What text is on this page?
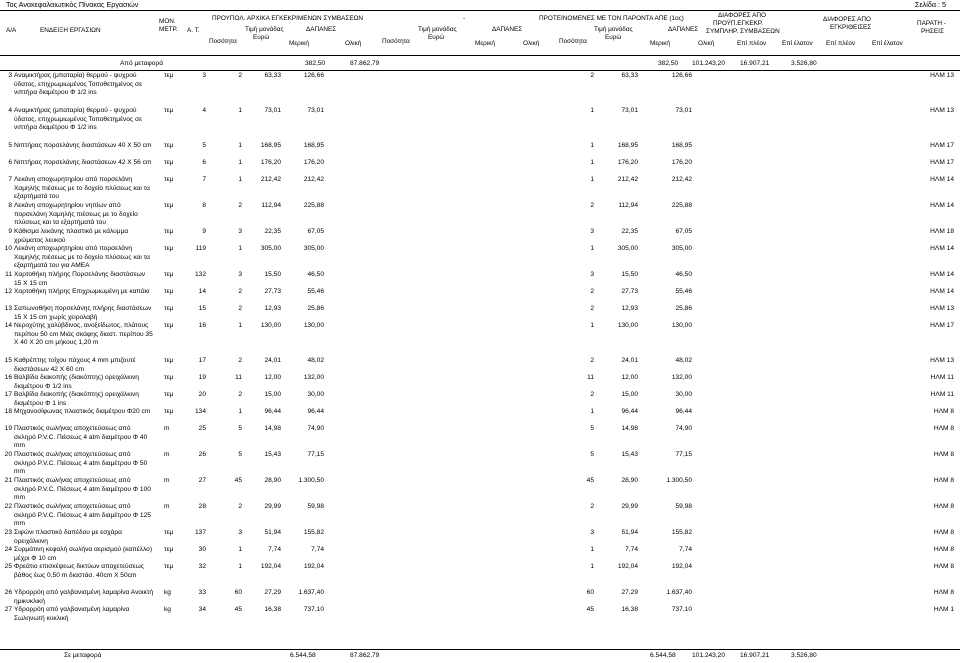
Τος Ανακεφαλαιωτικός Πίνακας Εργασιών	Σελίδα : 5
Α/Α	ΕΝΔΕΙΞΗ ΕΡΓΑΣΙΩΝ
ΜΟΝ.
ΜΕΤΡ. Α. Τ.
ΠΡΟΥΠΟΛ. ΑΡΧΙΚΑ ΕΓΚΕΚΡΙΜΕΝΩΝ ΣΥΜΒΑΣΕΩΝ	-	ΠΡΟΤΕΙΝΟΜΕΝΕΣ ΜΕ ΤΟΝ ΠΑΡΟΝΤΑ ΑΠΕ (1ος)	ΔΙΑΦΟΡΕΣ ΑΠΟ
ΠΡΟΫΠ.ΕΓΚΕΚΡ.
ΣΥΜΠΛΗΡ. ΣΥΜΒΑΣΕΩΝ
ΔΙΑΦΟΡΕΣ ΑΠΟ
ΕΓΚΡΙΘΕΙΣΕΣ
ΠΑΡΑΤΗ -
ΡΗΣΕΙΣ
Τιμή μονάδας
Ευρώ
Ποσότητα
ΔΑΠΑΝΕΣ
Μερική	Ολική	Ποσότητα
Τιμή μονάδας
Ευρώ
ΔΑΠΑΝΕΣ
Μερική	Ολική	Ποσότητα
Τιμή μονάδας
Ευρώ
ΔΑΠΑΝΕΣ
Μερική	Ολική	Επί πλέον Επί έλατον Επί πλέον	Επί έλατον
Από μεταφορά	382,50	87.862,79	382,50 101.243,20 16.907,21	3.526,80
3 Αναμικτήρας (μπαταρία) θερμού - ψυχρού ύδατος, επιχρωμιωμένος Τοποθετημένος σε νιπτήρα διαμέτρου Φ 1/2 ins
τεμ	3	2	63,33	126,66	2	63,33	126,66	ΗΛΜ 13
4 Αναμικτήρας (μπαταρία) θερμού - ψυχρού ύδατος, επιχρωμιωμένος Τοποθετημένος σε νιπτήρα διαμέτρου Φ 1/2 ins
τεμ	4	1	73,01	73,01	1	73,01	73,01	ΗΛΜ 13
5 Νιπτήρας πορσελάνης διαστάσεων 40 Χ 50 cm	τεμ	5	1	168,95	168,95	1	168,95	168,95	ΗΛΜ 17
6 Νιπτήρας πορσελάνης διαστάσεων 42 Χ 56 cm	τεμ	6	1	176,20	176,20	1	176,20	176,20	ΗΛΜ 17
7 Λεκάνη αποχωρητηρίου από πορσελάνη Χαμηλής πιέσεως με το δοχείο πλύσεως και τα εξαρτήματά του
τεμ	7	1	212,42	212,42	1	212,42	212,42	ΗΛΜ 14
8 Λεκάνη αποχωρητηρίου νηπίων από πορσελάνη Χαμηλής πιέσεως με το δοχείο πλύσεως και τα εξαρτήματά του
τεμ	8	2	112,94	225,88	2	112,94	225,88	ΗΛΜ 14
9 Κάθισμα λεκάνης πλαστικό με κάλυμμα χρώματος λευκού
τεμ	9	3	22,35	67,05	3	22,35	67,05	ΗΛΜ 18
10 Λεκάνη αποχωρητηρίου από πορσελάνη Χαμηλής πιέσεως με το δοχείο πλύσεως και τα εξαρτήματά του για ΑΜΕΑ
τεμ	119	1	305,00	305,00	1	305,00	305,00	ΗΛΜ 14
11 Χαρτοθήκη πλήρης Πορσελάνης διαστάσεων 15 Χ 15 cm
τεμ	132	3	15,50	46,50	3	15,50	46,50	ΗΛΜ 14
12 Χαρτοθήκη πλήρης Επιχρωμιωμένη με καπάκι	τεμ	14	2	27,73	55,46	2	27,73	55,46	ΗΛΜ 14
13 Σαπωνοθήκη πορσελάνης πλήρης διαστάσεων 15 Χ 15 cm χωρίς χειρολαβή
τεμ	15	2	12,93	25,86	2	12,93	25,86	ΗΛΜ 13
14 Νεροχύτης χαλύβδινος, ανοξείδωτος, πλάτους περίπου 50 cm Μιάς σκάφης διαστ. περίπου 35 Χ 40 Χ 20 cm μήκους 1,20 m
τεμ	16	1	130,00	130,00	1	130,00	130,00	ΗΛΜ 17
15 Καθρέπτης τοίχου πάχους 4 mm μπιζουτέ διαστάσεων 42 Χ 60 cm
τεμ	17	2	24,01	48,02	2	24,01	48,02	ΗΛΜ 13
16 Βαλβίδα διακοπής (διακόπτης) ορειχάλκινη διαμέτρου Φ 1/2 ins
τεμ	19	11	12,00	132,00	11	12,00	132,00	ΗΛΜ 11
17 Βαλβίδα διακοπής (διακόπτης) ορειχάλκινη διαμέτρου Φ 1 ins
τεμ	20	2	15,00	30,00	2	15,00	30,00	ΗΛΜ 11
18 Μηχανοσίφωνας πλαστικός διαμέτρου Φ20 cm	τεμ	134	1	96,44	96,44	1	96,44	96,44	ΗΛΜ 8
19 Πλαστικός σωλήνας αποχετεύσεως από σκληρό P.V.C. Πιέσεως 4 atm διαμέτρου Φ 40 mm
m	25	5	14,98	74,90	5	14,98	74,90	ΗΛΜ 8
20 Πλαστικός σωλήνας αποχετεύσεως από σκληρό P.V.C. Πιέσεως 4 atm διαμέτρου Φ 50 mm
m	26	5	15,43	77,15	5	15,43	77,15	ΗΛΜ 8
21 Πλαστικός σωλήνας αποχετεύσεως από σκληρό P.V.C. Πιέσεως 4 atm διαμέτρου Φ 100 mm
m	27	45	28,90	1.300,50	45	28,90	1.300,50	ΗΛΜ 8
22 Πλαστικός σωλήνας αποχετεύσεως από σκληρό P.V.C. Πιέσεως 4 atm διαμέτρου Φ 125 mm
m	28	2	29,99	59,98	2	29,99	59,98	ΗΛΜ 8
23 Σιφώνι πλαστικό δαπέδου με εσχάρα ορειχάλκινη
τεμ	137	3	51,94	155,82	3	51,94	155,82	ΗΛΜ 8
24 Συρμάτινη κεφαλή σωλήνα αερισμού (καπέλλο) μέχρι Φ 10 cm
τεμ	30	1	7,74	7,74	1	7,74	7,74	ΗΛΜ 8
25 Φρεάτιο επισκέψεως δικτύων αποχετεύσεως βάθος έως 0,50 m διαστάσ. 40cm Χ 50cm
τεμ	32	1	192,04	192,04	1	192,04	192,04	ΗΛΜ 8
26 Υδρορρόη από γαλβανισμένη λαμαρίνα Ανοικτή ημικυκλική
kg	33	60	27,29	1.637,40	60	27,29	1.637,40	ΗΛΜ 8
27 Υδρορρόη από γαλβανισμένη λαμαρίνα Σωληνωτή κυκλική
kg	34	45	16,38	737,10	45	16,38	737,10	ΗΛΜ 1
Σε μεταφορά	6.544,58	87.862,79	6.544,58 101.243,20 16.907,21	3.526,80
